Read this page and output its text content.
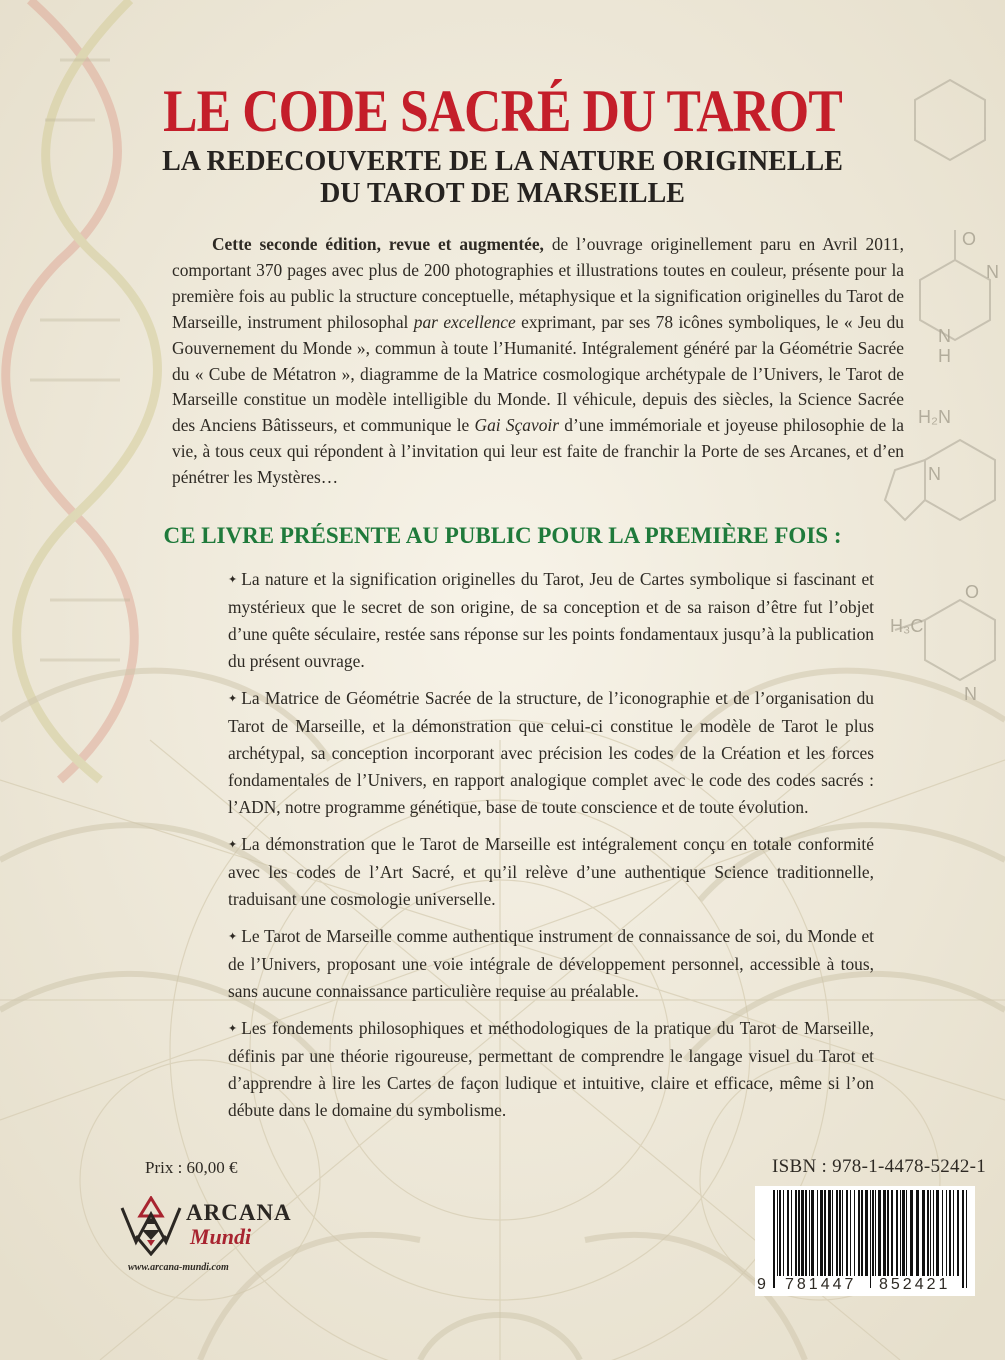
O
N
N
H
H₂N
N
H₃C
O
N
LE CODE SACRÉ DU TAROT
LA REDECOUVERTE DE LA NATURE ORIGINELLE
DU TAROT DE MARSEILLE

Cette seconde édition, revue et augmentée, de l’ouvrage originellement paru en Avril 2011, comportant 370 pages avec plus de 200 photographies et illustrations toutes en couleur, présente pour la première fois au public la structure conceptuelle, métaphysique et la signification originelles du Tarot de Marseille, instrument philosophal par excellence exprimant, par ses 78 icônes symboliques, le « Jeu du Gouvernement du Monde », commun à toute l’Humanité. Intégralement généré par la Géométrie Sacrée du « Cube de Métatron », diagramme de la Matrice cosmologique archétypale de l’Univers, le Tarot de Marseille constitue un modèle intelligible du Monde. Il véhicule, depuis des siècles, la Science Sacrée des Anciens Bâtisseurs, et communique le Gai Sçavoir d’une immémoriale et joyeuse philosophie de la vie, à tous ceux qui répondent à l’invitation qui leur est faite de franchir la Porte de ses Arcanes, et d’en pénétrer les Mystères…

CE LIVRE PRÉSENTE AU PUBLIC POUR LA PREMIÈRE FOIS :
✦ La nature et la signification originelles du Tarot, Jeu de Cartes symbolique si fascinant et mystérieux que le secret de son origine, de sa conception et de sa raison d’être fut l’objet d’une quête séculaire, restée sans réponse sur les points fondamentaux jusqu’à la publication du présent ouvrage.
✦ La Matrice de Géométrie Sacrée de la structure, de l’iconographie et de l’organisation du Tarot de Marseille, et la démonstration que celui-ci constitue le modèle de Tarot le plus archétypal, sa conception incorporant avec précision les codes de la Création et les forces fondamentales de l’Univers, en rapport analogique complet avec le code des codes sacrés : l’ADN, notre programme génétique, base de toute conscience et de toute évolution.
✦ La démonstration que le Tarot de Marseille est intégralement conçu en totale conformité avec les codes de l’Art Sacré, et qu’il relève d’une authentique Science traditionnelle, traduisant une cosmologie universelle.
✦ Le Tarot de Marseille comme authentique instrument de connaissance de soi, du Monde et de l’Univers, proposant une voie intégrale de développement personnel, accessible à tous, sans aucune connaissance particulière requise au préalable.
✦ Les fondements philosophiques et méthodologiques de la pratique du Tarot de Marseille, définis par une théorie rigoureuse, permettant de comprendre le langage visuel du Tarot et d’apprendre à lire les Cartes de façon ludique et intuitive, claire et efficace, même si l’on débute dans le domaine du symbolisme.
Prix : 60,00 €	ISBN : 978-1-4478-5242-1
ARCANA
Mundi
www.arcana-mundi.com
9 781447 852421
